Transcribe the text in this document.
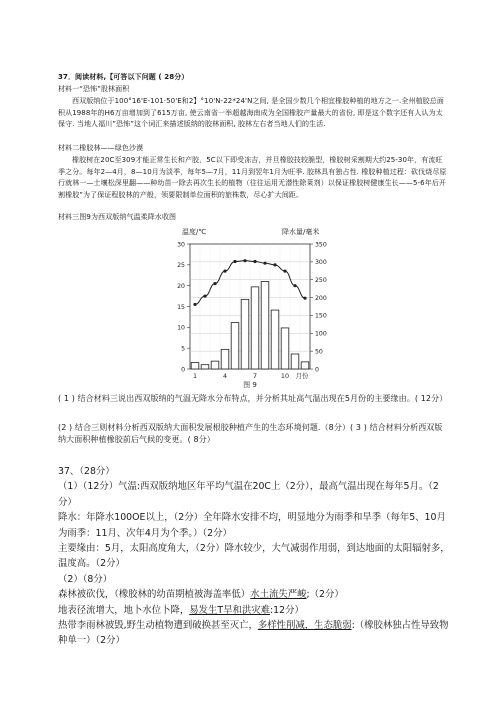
37．阅读材料,【可答以下问题 ( 28分）
材料一“恐怖”股林面积
西双版纳位于100°16'E-101·50'E和2】°10'N-22*24'N之间, 是全国少数几个相宜橡胶种植的地方之一.全州植胶总面积从1988年的H6万亩增加到了615万亩, 使云南省一举超越海南成为全国橡胶产量最大的省份, 即是这个数字还有人认为太保守. 当地人福川”恐怖”这个词汇来描述版纳的胶林面积, 胶林左右者当地人们的生活.
材料二橡胶林——绿色沙漠
橡胶树在20C至309才能正常生长和产胶，5C以下即受冻吉，并旦橡胶技较脆型，橡胶树采割期大约25-30年，有流旺季之分。每年2—4月，8—10月为淡季，每年5—7月，11月到翌年1月为旺季. 胶林具有独占性. 橡胶种植过程：砍伐烧尽原行就林一—土壤松深里翻——种幼苗一除去再次生长的植物（往往运用无潜性除莱剂）以保证橡胶树健康生长——5-6年后开割橡胶”为了保证程胶林的产般，领要限制单位面积的旅株数，尽心扩大间距。
材料三图9为西双版纳气温柔降水收图
温度/℃	降水量/毫米
30
25
20
15
10
5
0
350
300
250
200
150
100
50
0
1	4	7	10 月份
图 9
( 1 ) 结合材料三说出西双版纳的气温无降水分布特点，并分析其址高气温出现在5月份的主要缘由。( 12分）
(2 ) 结合三则材料分析西双版纳大面积发展根胶种植产生的生态环境何题.（8分）( 3 ) 结合材料分析西双版纳大面积种植橡胶前后气候的变更。( 8分）

37、（28分）

（1）（12分）气温:西双版纳地区年平均气温在20C上（2分），最高气温出现在每年5月。（2分）

降水：年降水100OE以上，（2分）全年降水安排不均，明显地分为雨季和旱季（每年5、10月为雨季：11月、次年4月为个季。）（2分）

主要缘由：5月，太阳高度角大，（2分）降水较少，大气减弱作用弱，到达地面的太阳辐射多，温度高。（2分）

（2）（8分）

森林被砍伐，（橡胶林的幼苗期植被海盖率低）水土流失严峻;（2分）

地表径流增大，地卜水位卜降，易发生T旱和洪灾难:12分）

热带李雨林被毁,野生动植物遭到破换甚至灭亡，多样性削减，生态脆弱:（橡胶林独占性导致物种单一）（2分）
